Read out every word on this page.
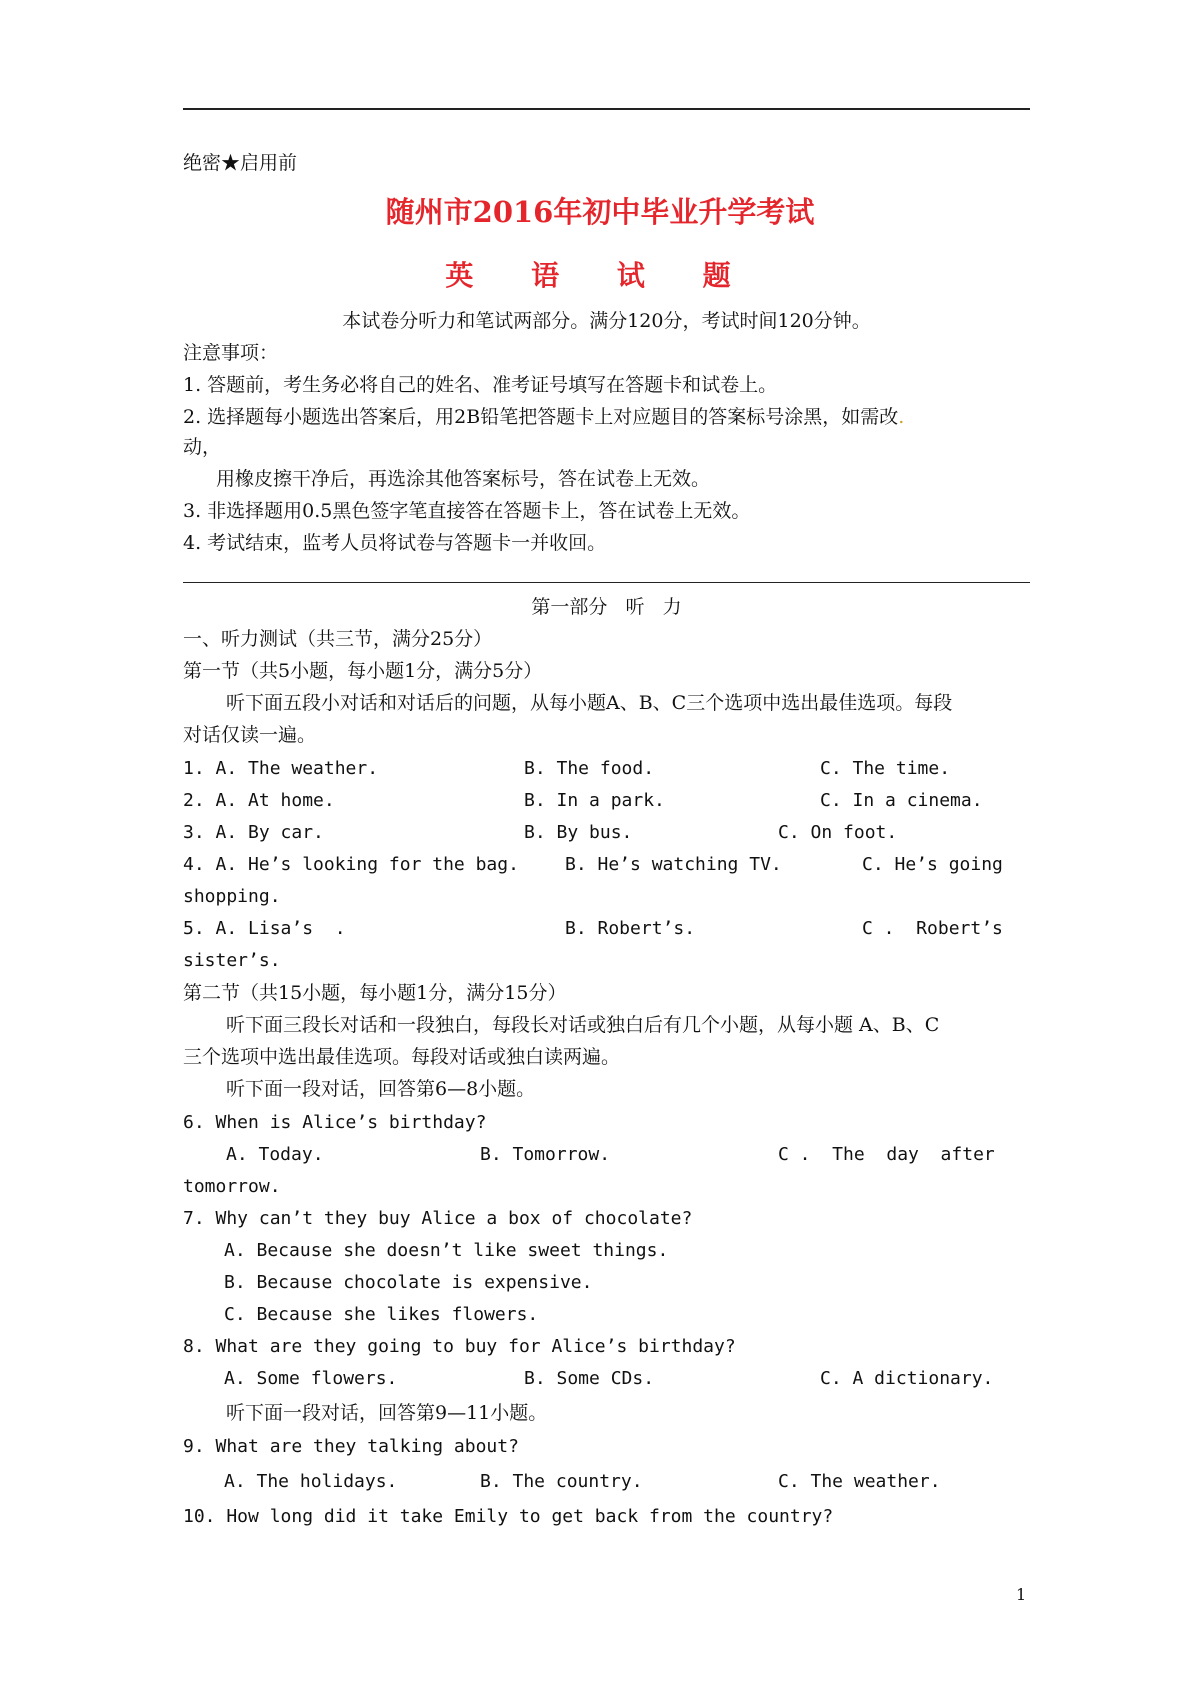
绝密★启用前
随州市2016年初中毕业升学考试
英 语 试 题
本试卷分听力和笔试两部分。满分120分，考试时间120分钟。
注意事项：
1. 答题前，考生务必将自己的姓名、准考证号填写在答题卡和试卷上。
2. 选择题每小题选出答案后，用2B铅笔把答题卡上对应题目的答案标号涂黑，如需改.
动，
用橡皮擦干净后，再选涂其他答案标号，答在试卷上无效。
3. 非选择题用0.5黑色签字笔直接答在答题卡上，答在试卷上无效。
4. 考试结束，监考人员将试卷与答题卡一并收回。
第一部分   听   力
一、听力测试（共三节，满分25分）
第一节（共5小题，每小题1分，满分5分）
听下面五段小对话和对话后的问题，从每小题A、B、C三个选项中选出最佳选项。每段
对话仅读一遍。
1. A. The weather.	B. The food.	C. The time.
2. A. At home.	B. In a park.	C. In a cinema.
3. A. By car.	B. By bus.	C. On foot.
4. A. He’s looking for the bag.	B. He’s watching TV.	C. He’s going
shopping.
5. A. Lisa’s  .	B. Robert’s.	C .  Robert’s
sister’s.
第二节（共15小题，每小题1分，满分15分）
听下面三段长对话和一段独白，每段长对话或独白后有几个小题，从每小题 A、B、C
三个选项中选出最佳选项。每段对话或独白读两遍。
听下面一段对话，回答第6—8小题。
6. When is Alice’s birthday?
A. Today.	B. Tomorrow.	C .  The  day  after
tomorrow.
7. Why can’t they buy Alice a box of chocolate?
A. Because she doesn’t like sweet things.
B. Because chocolate is expensive.
C. Because she likes flowers.
8. What are they going to buy for Alice’s birthday?
A. Some flowers.	B. Some CDs.	C. A dictionary.
听下面一段对话，回答第9—11小题。
9. What are they talking about?
A. The holidays.	B. The country.	C. The weather.
10. How long did it take Emily to get back from the country?
1
